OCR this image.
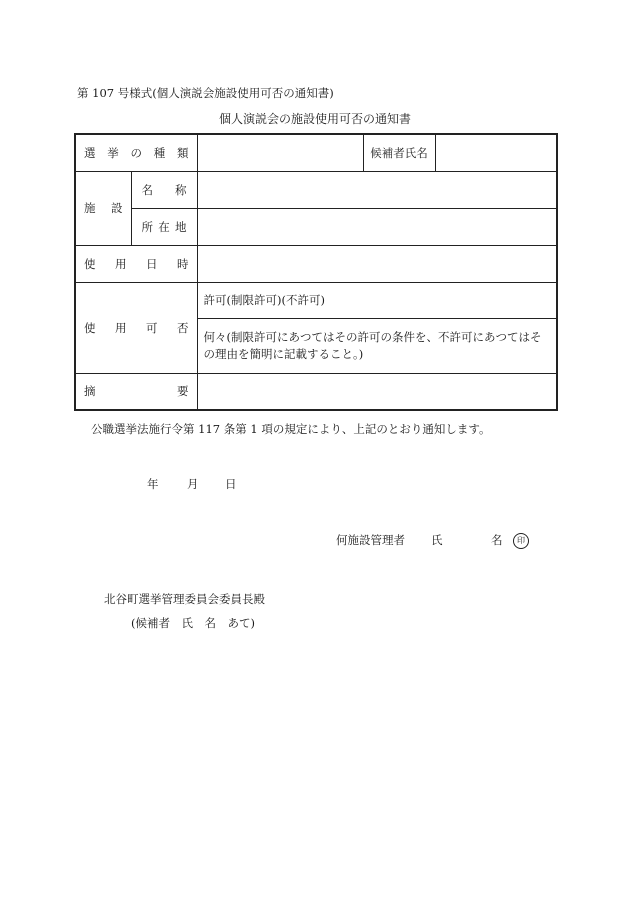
第 107 号様式(個人演説会施設使用可否の通知書)
個人演説会の施設使用可否の通知書
選 挙 の 種 類			候補者氏名	

施 設	名 称			

	所 在 地			

使 用 日 時				

使 用 可 否		許可(制限許可)(不許可)		
		何々(制限許可にあつてはその許可の条件を、不許可にあつてはその理由を簡明に記載すること。)		

摘 要				

公職選挙法施行令第 117 条第 1 項の規定により、上記のとおり通知します。
年 月 日
何施設管理者 氏	名 印
北谷町選挙管理委員会委員長殿
(候補者　氏　名　あて)
